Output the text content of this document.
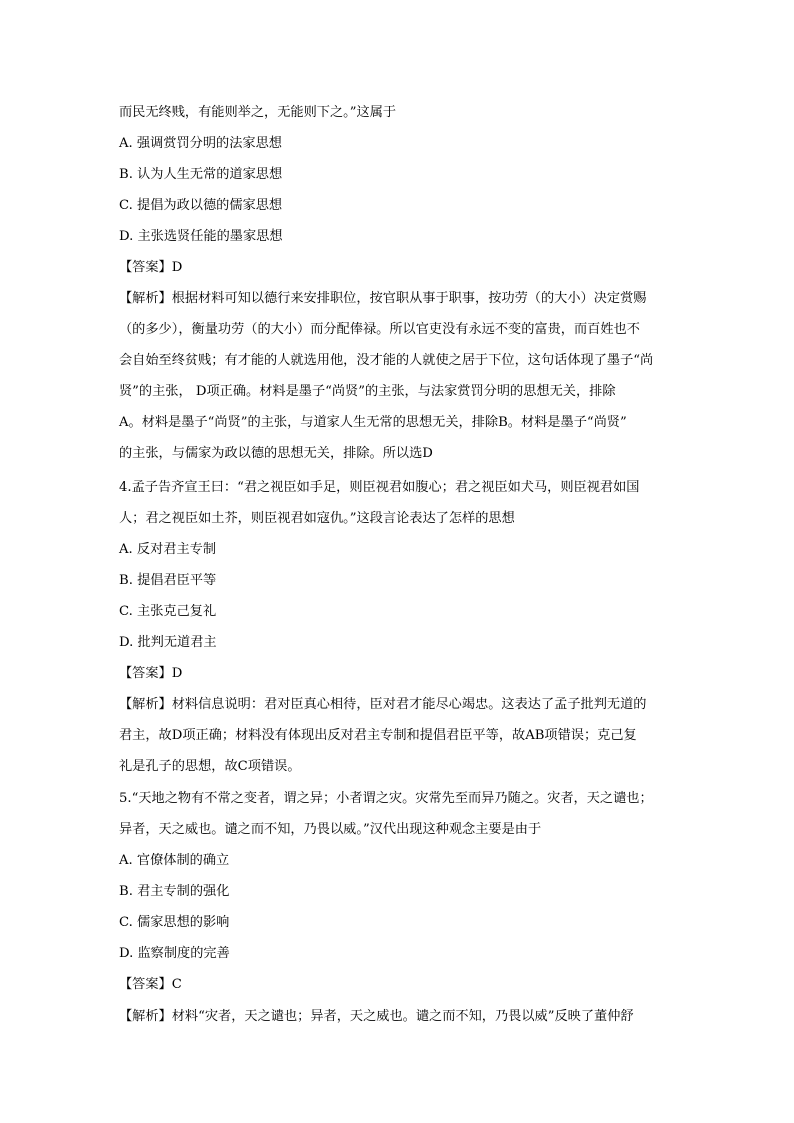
而民无终贱，有能则举之，无能则下之。”这属于
A. 强调赏罚分明的法家思想
B. 认为人生无常的道家思想
C. 提倡为政以德的儒家思想
D. 主张选贤任能的墨家思想
【答案】D
【解析】根据材料可知以德行来安排职位，按官职从事于职事，按功劳（的大小）决定赏赐
（的多少），衡量功劳（的大小）而分配俸禄。所以官吏没有永远不变的富贵，而百姓也不
会自始至终贫贱；有才能的人就选用他，没才能的人就使之居于下位，这句话体现了墨子“尚
贤”的主张， D项正确。材料是墨子“尚贤”的主张，与法家赏罚分明的思想无关，排除
A。材料是墨子“尚贤”的主张，与道家人生无常的思想无关，排除B。材料是墨子“尚贤”
的主张，与儒家为政以德的思想无关，排除。所以选D
4.孟子告齐宣王曰：“君之视臣如手足，则臣视君如腹心；君之视臣如犬马，则臣视君如国
人；君之视臣如土芥，则臣视君如寇仇。”这段言论表达了怎样的思想
A. 反对君主专制
B. 提倡君臣平等
C. 主张克己复礼
D. 批判无道君主
【答案】D
【解析】材料信息说明：君对臣真心相待，臣对君才能尽心竭忠。这表达了孟子批判无道的
君主，故D项正确；材料没有体现出反对君主专制和提倡君臣平等，故AB项错误；克己复
礼是孔子的思想，故C项错误。
5.“天地之物有不常之变者，谓之异；小者谓之灾。灾常先至而异乃随之。灾者，天之谴也；
异者，天之威也。谴之而不知，乃畏以威。”汉代出现这种观念主要是由于
A. 官僚体制的确立
B. 君主专制的强化
C. 儒家思想的影响
D. 监察制度的完善
【答案】C
【解析】材料“灾者，天之谴也；异者，天之威也。谴之而不知，乃畏以威”反映了董仲舒
